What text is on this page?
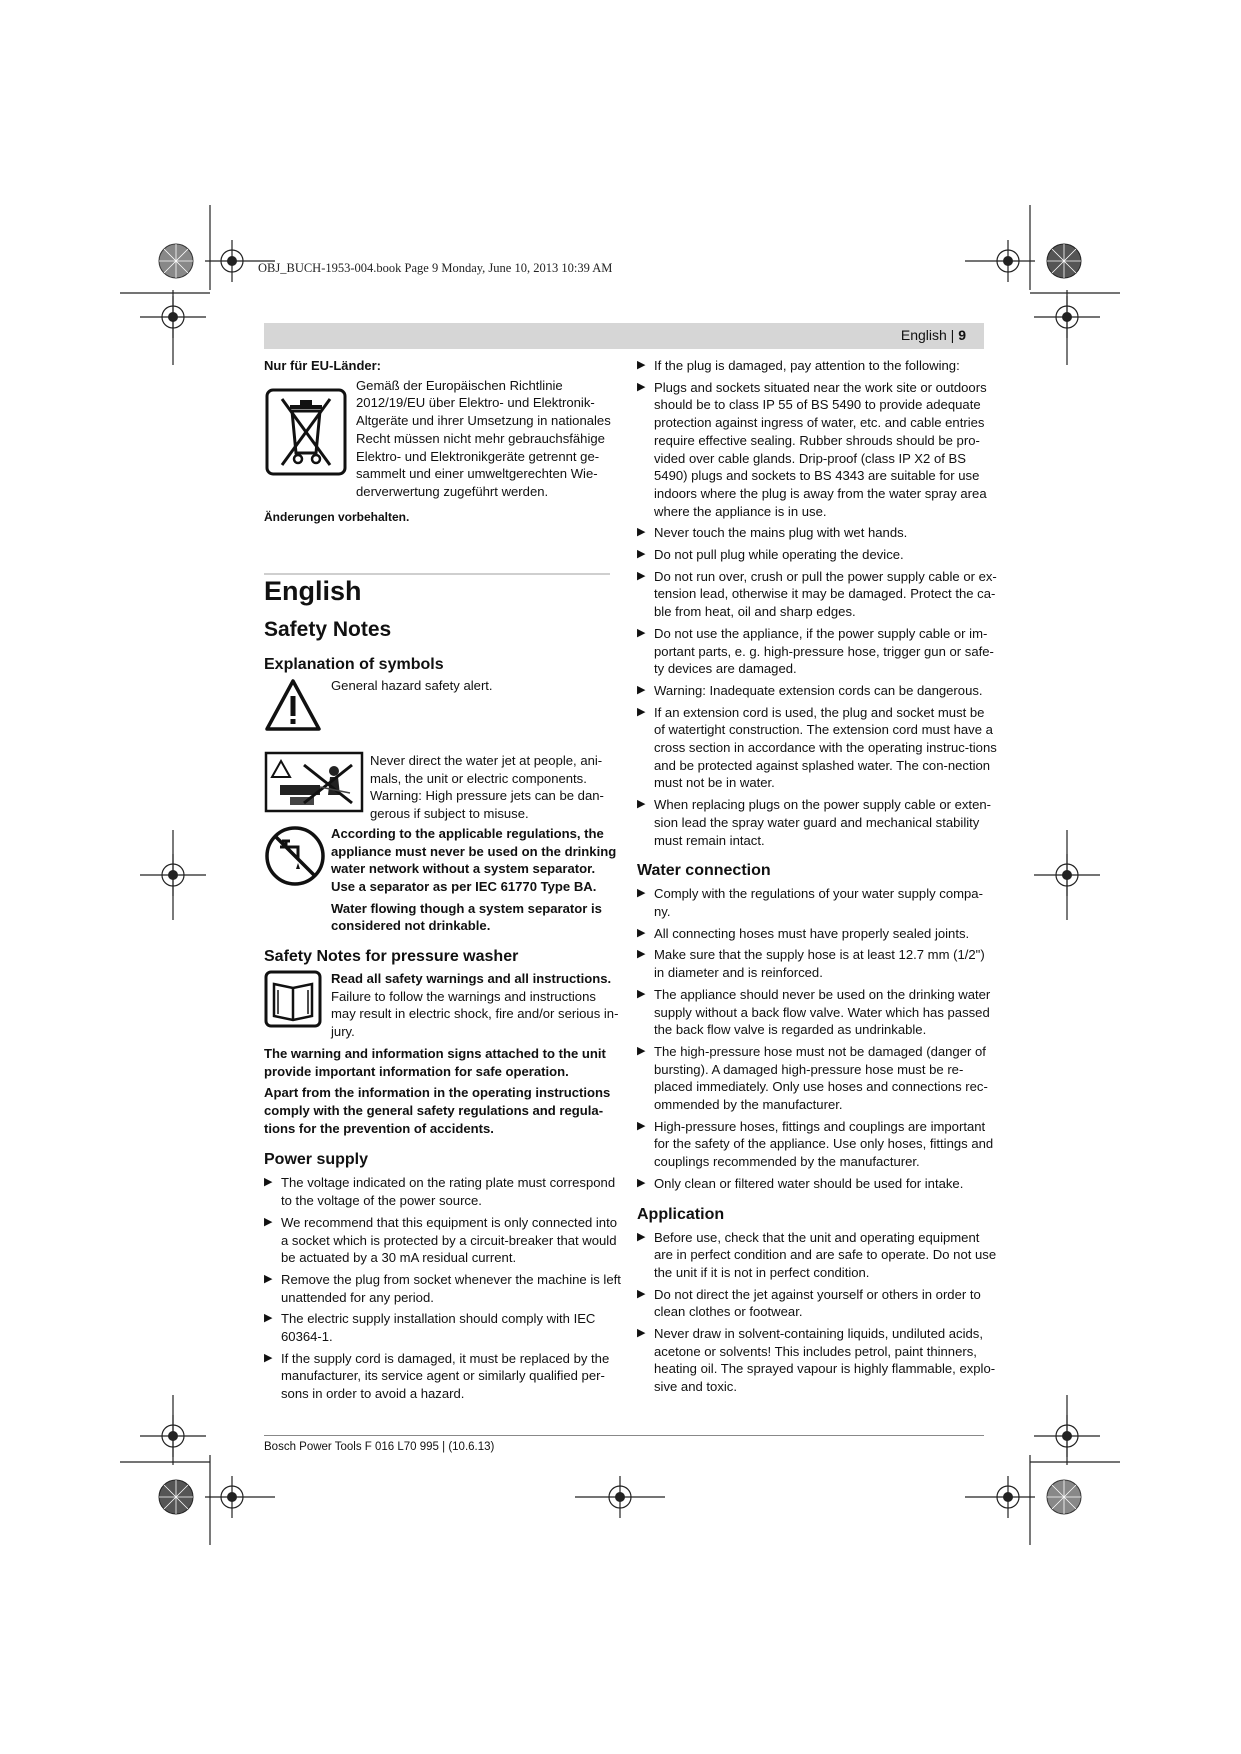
OBJ_BUCH-1953-004.book Page 9 Monday, June 10, 2013 10:39 AM
English | 9

Nur für EU-Länder:

Gemäß der Europäischen Richtlinie 2012/19/EU über Elektro- und Elektronik-Altgeräte und ihrer Umsetzung in nationales Recht müssen nicht mehr gebrauchsfähige Elektro- und Elektronikgeräte getrennt ge-sammelt und einer umweltgerechten Wie-derverwertung zugeführt werden.

Änderungen vorbehalten.

English

Safety Notes

Explanation of symbols

General hazard safety alert.

Never direct the water jet at people, ani-mals, the unit or electric components. Warning: High pressure jets can be dan-gerous if subject to misuse.

According to the applicable regulations, the appliance must never be used on the drinking water network without a system separator. Use a separator as per IEC 61770 Type BA.

Water flowing though a system separator is considered not drinkable.

Safety Notes for pressure washer

Read all safety warnings and all instructions. Failure to follow the warnings and instructions may result in electric shock, fire and/or serious in-jury.

The warning and information signs attached to the unit provide important information for safe operation.

Apart from the information in the operating instructions comply with the general safety regulations and regula-tions for the prevention of accidents.

Power supply

▶ The voltage indicated on the rating plate must correspond to the voltage of the power source.
▶ We recommend that this equipment is only connected into a socket which is protected by a circuit-breaker that would be actuated by a 30 mA residual current.
▶ Remove the plug from socket whenever the machine is left unattended for any period.
▶ The electric supply installation should comply with IEC 60364-1.
▶ If the supply cord is damaged, it must be replaced by the manufacturer, its service agent or similarly qualified per-sons in order to avoid a hazard.
▶ If the plug is damaged, pay attention to the following:
▶ Plugs and sockets situated near the work site or outdoors should be to class IP 55 of BS 5490 to provide adequate protection against ingress of water, etc. and cable entries require effective sealing. Rubber shrouds should be pro-vided over cable glands. Drip-proof (class IP X2 of BS 5490) plugs and sockets to BS 4343 are suitable for use indoors where the plug is away from the water spray area where the appliance is in use.
▶ Never touch the mains plug with wet hands.
▶ Do not pull plug while operating the device.
▶ Do not run over, crush or pull the power supply cable or ex-tension lead, otherwise it may be damaged. Protect the ca-ble from heat, oil and sharp edges.
▶ Do not use the appliance, if the power supply cable or im-portant parts, e. g. high-pressure hose, trigger gun or safe-ty devices are damaged.
▶ Warning: Inadequate extension cords can be dangerous.
▶ If an extension cord is used, the plug and socket must be of watertight construction. The extension cord must have a cross section in accordance with the operating instruc-tions and be protected against splashed water. The con-nection must not be in water.
▶ When replacing plugs on the power supply cable or exten-sion lead the spray water guard and mechanical stability must remain intact.

Water connection

▶ Comply with the regulations of your water supply compa-ny.
▶ All connecting hoses must have properly sealed joints.
▶ Make sure that the supply hose is at least 12.7 mm (1/2") in diameter and is reinforced.
▶ The appliance should never be used on the drinking water supply without a back flow valve. Water which has passed the back flow valve is regarded as undrinkable.
▶ The high-pressure hose must not be damaged (danger of bursting). A damaged high-pressure hose must be re-placed immediately. Only use hoses and connections rec-ommended by the manufacturer.
▶ High-pressure hoses, fittings and couplings are important for the safety of the appliance. Use only hoses, fittings and couplings recommended by the manufacturer.
▶ Only clean or filtered water should be used for intake.

Application

▶ Before use, check that the unit and operating equipment are in perfect condition and are safe to operate. Do not use the unit if it is not in perfect condition.
▶ Do not direct the jet against yourself or others in order to clean clothes or footwear.
▶ Never draw in solvent-containing liquids, undiluted acids, acetone or solvents! This includes petrol, paint thinners, heating oil. The sprayed vapour is highly flammable, explo-sive and toxic.
Bosch Power Tools F 016 L70 995 | (10.6.13)
